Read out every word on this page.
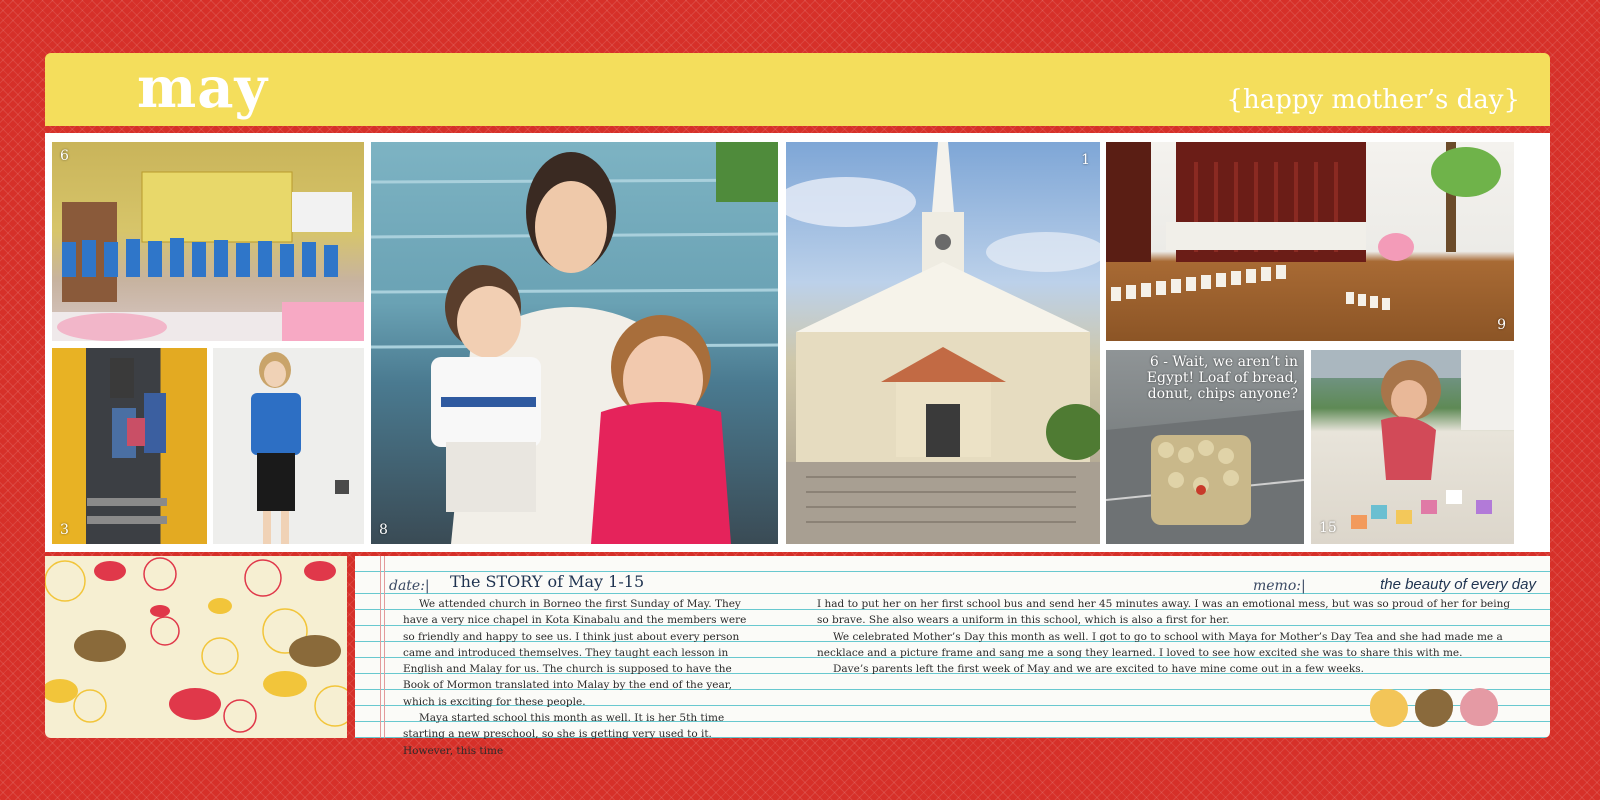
may	{happy mother’s day}
6
3	8
1
9
6 - Wait, we aren’t in Egypt! Loaf of bread, donut, chips anyone?
15
date:| The STORY of May 1-15	memo:|	the beauty of every day

We attended church in Borneo the first Sunday of May. They have a very nice chapel in Kota Kinabalu and the members were so friendly and happy to see us. I think just about every person came and introduced themselves. They taught each lesson in English and Malay for us. The church is supposed to have the Book of Mormon translated into Malay by the end of the year, which is exciting for these people.

Maya started school this month as well. It is her 5th time starting a new preschool, so she is getting very used to it. However, this time

I had to put her on her first school bus and send her 45 minutes away. I was an emotional mess, but was so proud of her for being so brave. She also wears a uniform in this school, which is also a first for her.

We celebrated Mother’s Day this month as well. I got to go to school with Maya for Mother’s Day Tea and she had made me a necklace and a picture frame and sang me a song they learned. I loved to see how excited she was to share this with me.

Dave’s parents left the first week of May and we are excited to have mine come out in a few weeks.
